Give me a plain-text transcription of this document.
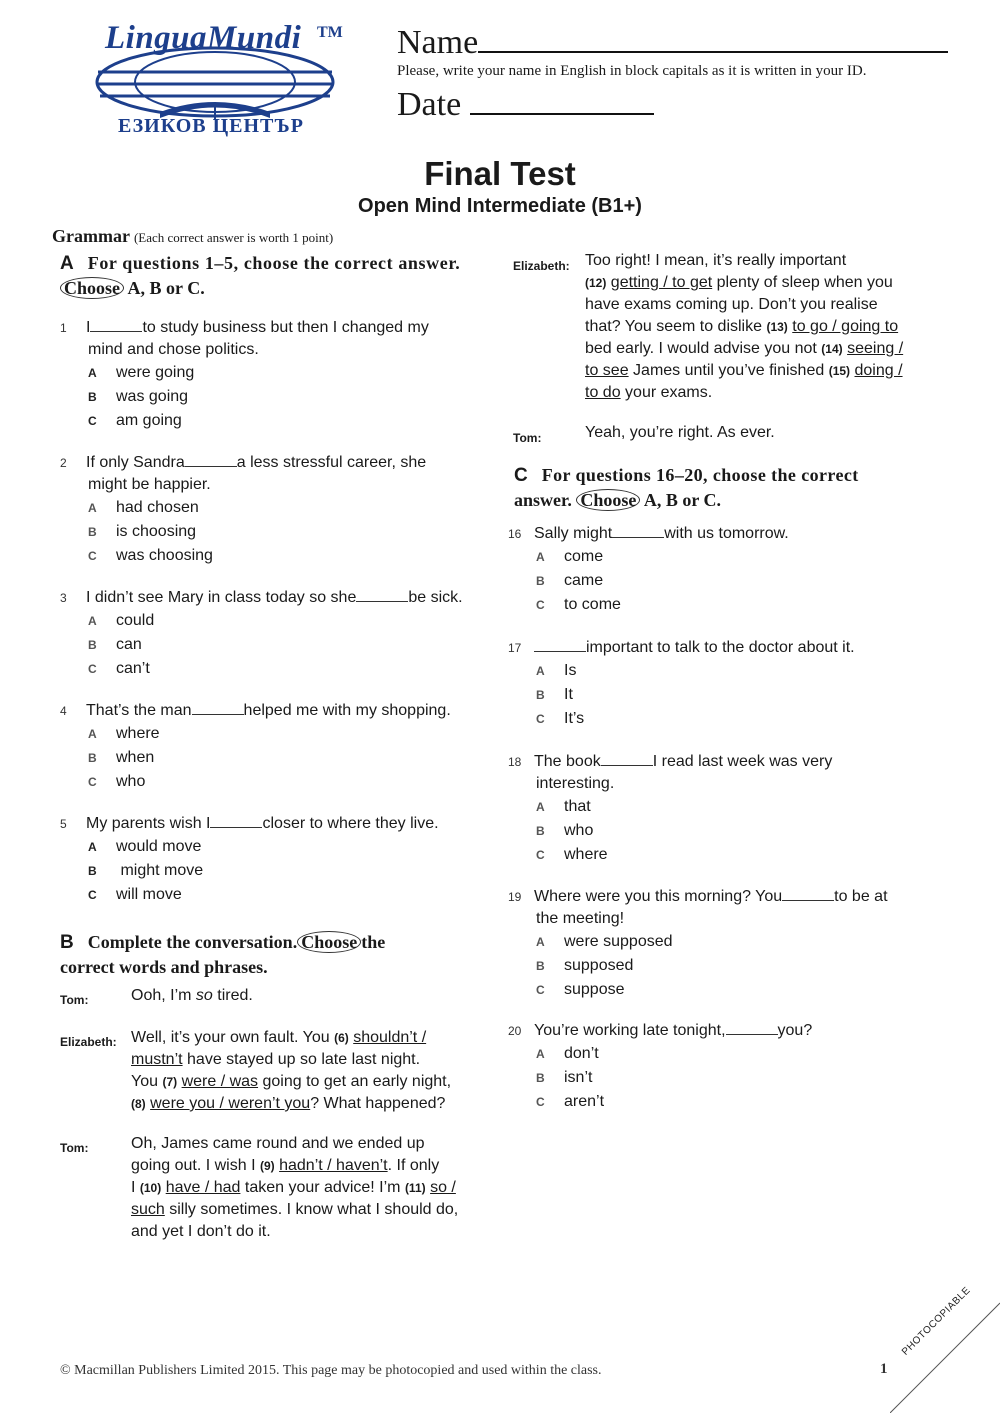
LinguaMundi TM
ЕЗИКОВ ЦЕНТЪР
Name
Please, write your name in English in block capitals as it is written in your ID.
Date
Final Test
Open Mind Intermediate (B1+)
Grammar (Each correct answer is worth 1 point)
A For questions 1–5, choose the correct answer. Choose A, B or C.
1 I	to study business but then I changed my
mind and chose politics.
A were going
B was going
C am going
2 If only Sandra	a less stressful career, she
might be happier.
A had chosen
B is choosing
C was choosing
3 I didn’t see Mary in class today so she	be sick.
A could
B can
C can’t
4 That’s the man	helped me with my shopping.
A where
B when
C who
5 My parents wish I	closer to where they live.
A would move
B might move
C will move
B Complete the conversation. Choose the
correct words and phrases.
Tom:	Ooh, I’m so tired.
Elizabeth: Well, it’s your own fault. You (6) shouldn’t /
mustn’t have stayed up so late last night.
You (7) were / was going to get an early night,
(8) were you / weren’t you? What happened?
Tom:	Oh, James came round and we ended up
going out. I wish I (9) hadn’t / haven’t. If only
I (10) have / had taken your advice! I’m (11) so /
such silly sometimes. I know what I should do,
and yet I don’t do it.
Elizabeth: Too right! I mean, it’s really important
(12) getting / to get plenty of sleep when you
have exams coming up. Don’t you realise
that? You seem to dislike (13) to go / going to
bed early. I would advise you not (14) seeing /
to see James until you’ve finished (15) doing /
to do your exams.
Tom:	Yeah, you’re right. As ever.
C For questions 16–20, choose the correct
answer. Choose A, B or C.
16 Sally might	with us tomorrow.
A come
B came
C to come
17	important to talk to the doctor about it.
A Is
B It
C It’s
18 The book	I read last week was very
interesting.
A that
B who
C where
19 Where were you this morning? You	to be at
the meeting!
A were supposed
B supposed
C suppose
20 You’re working late tonight,	you?
A don’t
B isn’t
C aren’t
© Macmillan Publishers Limited 2015. This page may be photocopied and used within the class.	1
PHOTOCOPIABLE
